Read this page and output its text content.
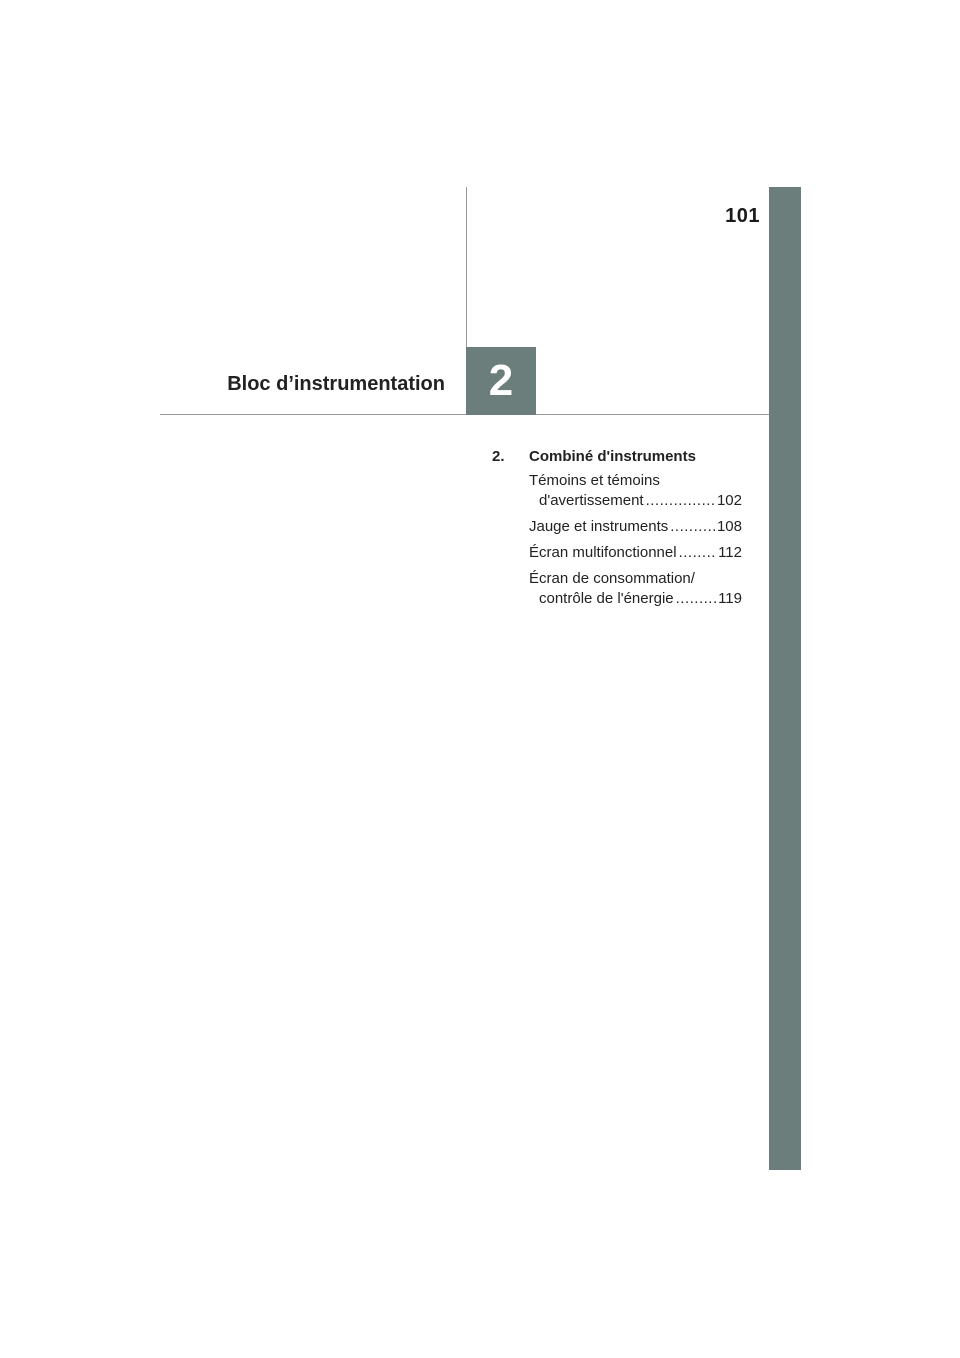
101
2
Bloc d’instrumentation
2.	Combiné d'instruments
Témoins et témoins
d'avertissement .....	102
Jauge et instruments .....	108
Écran multifonctionnel .....	112
Écran de consommation/
contrôle de l'énergie .....	119
